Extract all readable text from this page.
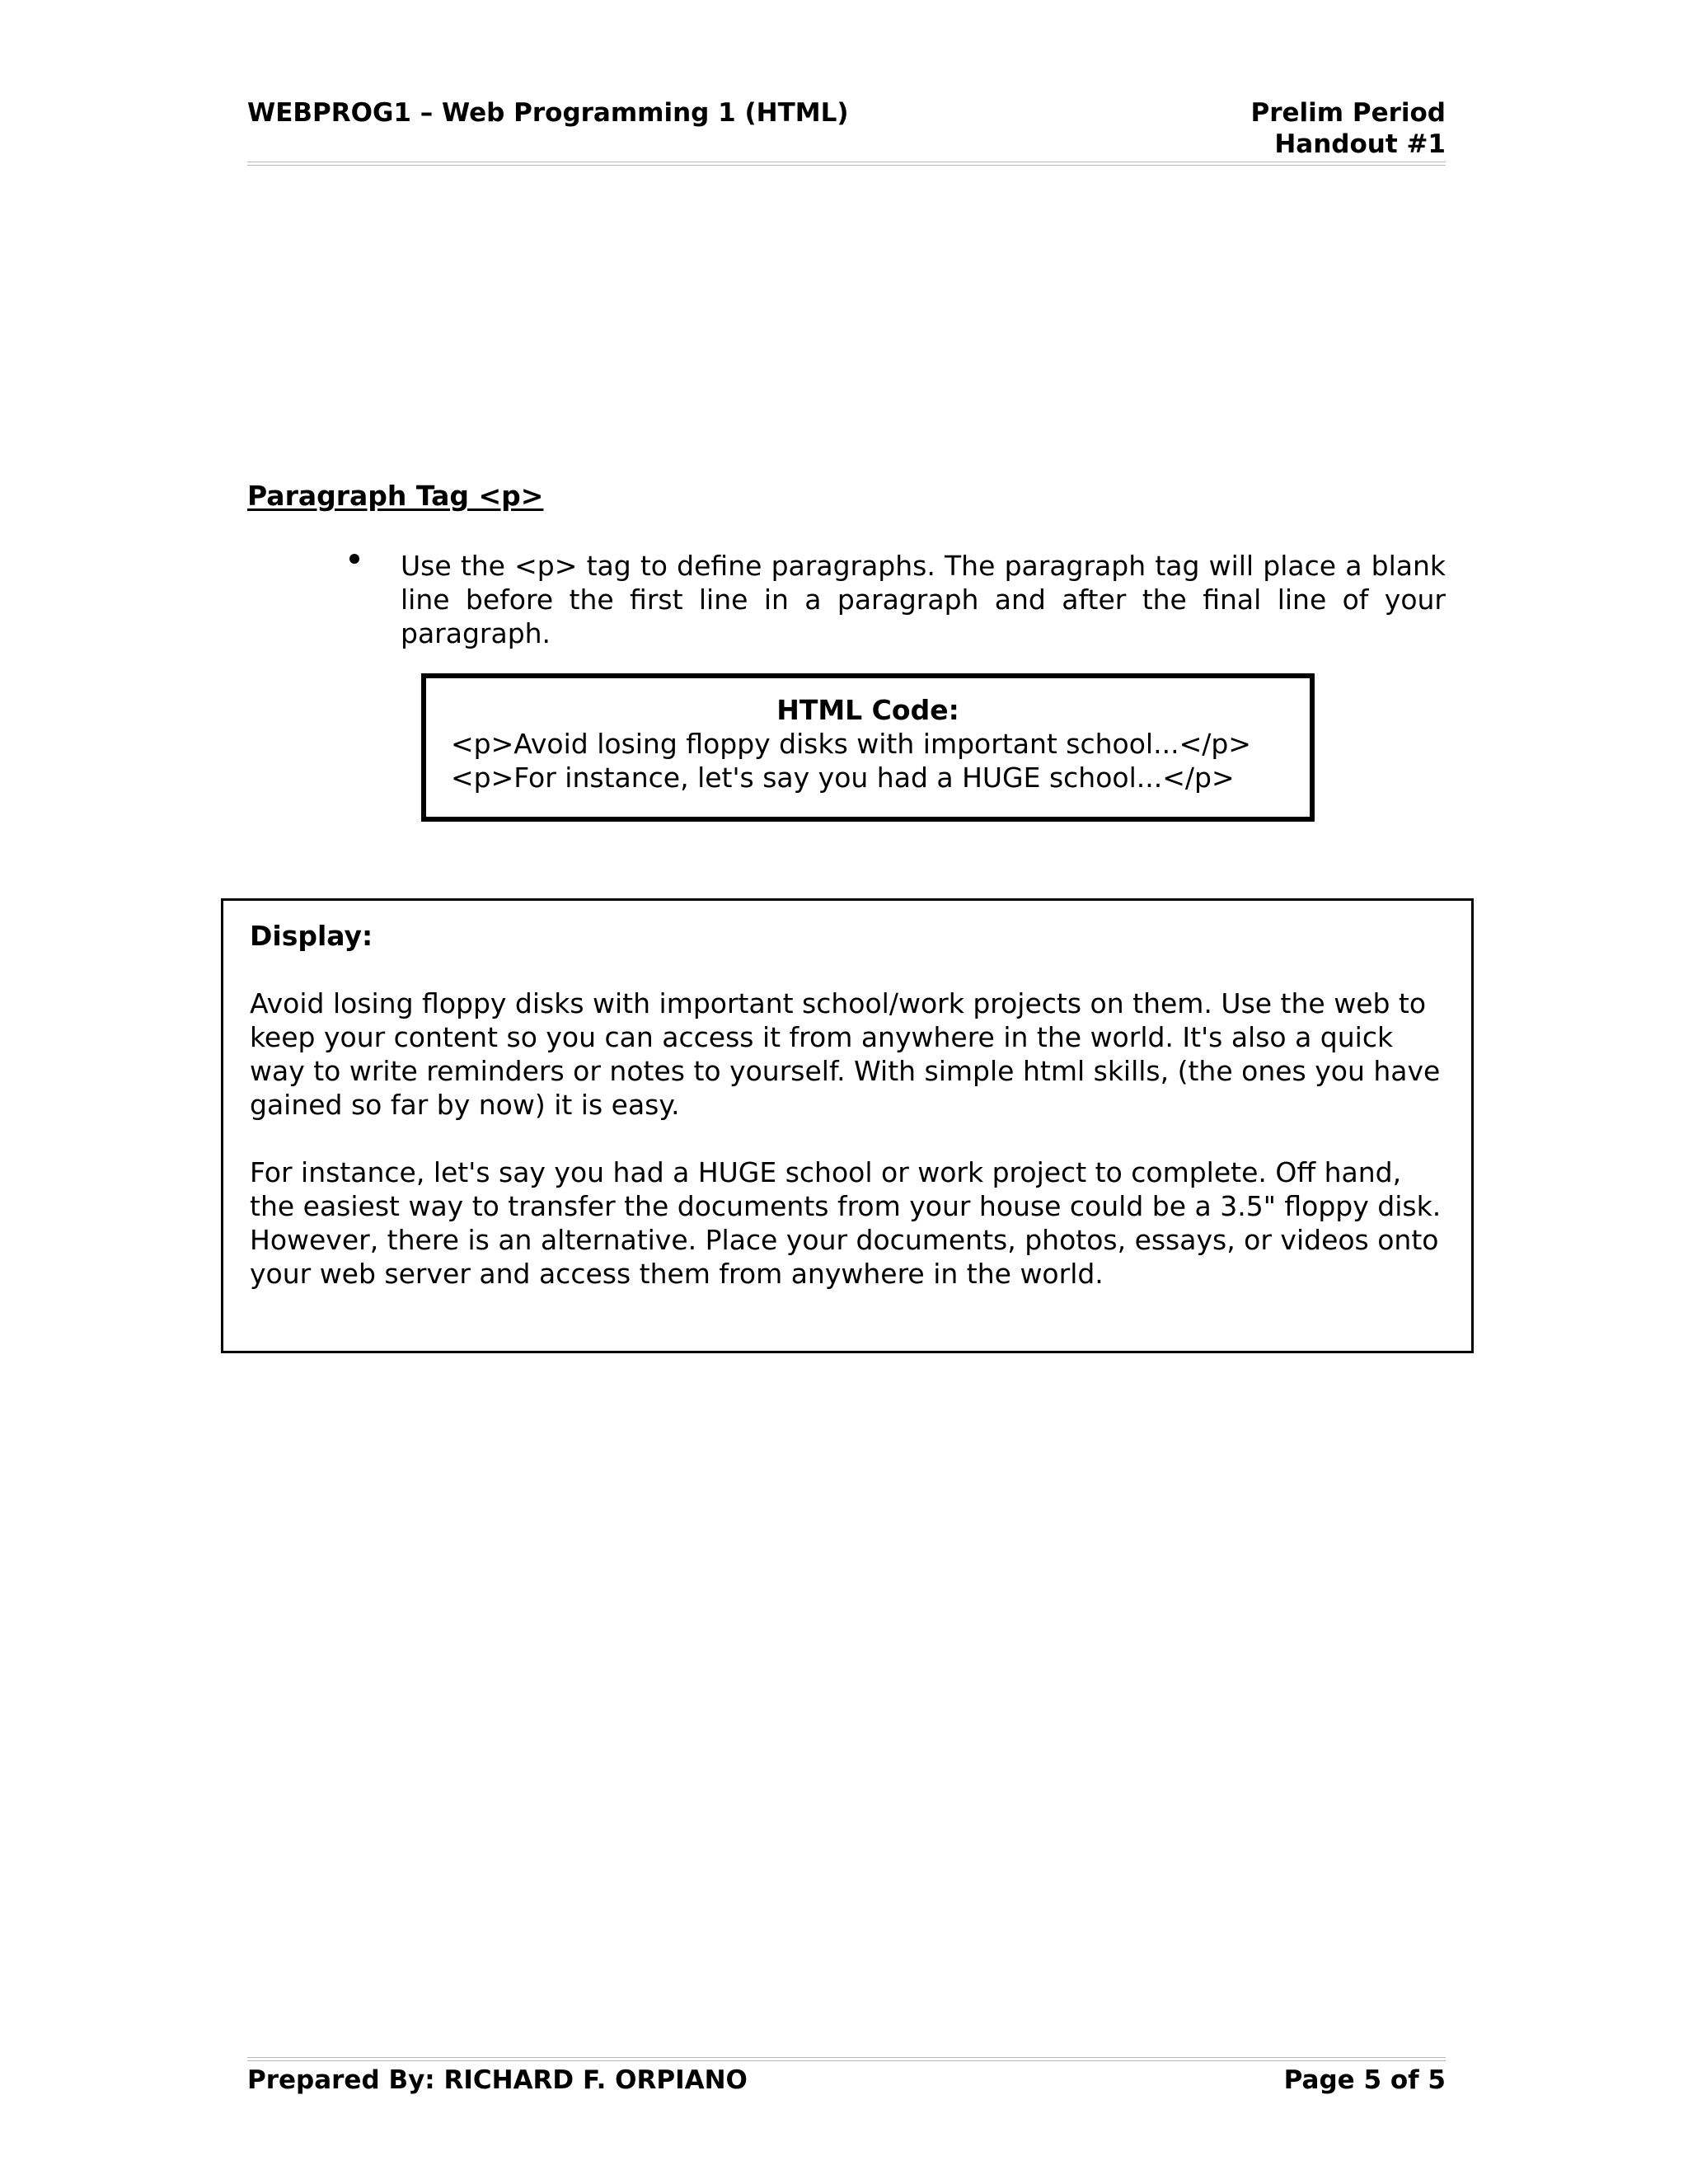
WEBPROG1 – Web Programming 1 (HTML)	Prelim Period
Handout #1
Paragraph Tag <p>
Use the <p> tag to define paragraphs. The paragraph tag will place a blank line before the first line in a paragraph and after the final line of your paragraph.
HTML Code:
<p>Avoid losing floppy disks with important school...</p>
<p>For instance, let's say you had a HUGE school...</p>
Display:

Avoid losing floppy disks with important school/work projects on them. Use the web to keep your content so you can access it from anywhere in the world. It's also a quick way to write reminders or notes to yourself. With simple html skills, (the ones you have gained so far by now) it is easy.

For instance, let's say you had a HUGE school or work project to complete. Off hand, the easiest way to transfer the documents from your house could be a 3.5" floppy disk. However, there is an alternative. Place your documents, photos, essays, or videos onto your web server and access them from anywhere in the world.

Prepared By: RICHARD F. ORPIANO	Page 5 of 5
